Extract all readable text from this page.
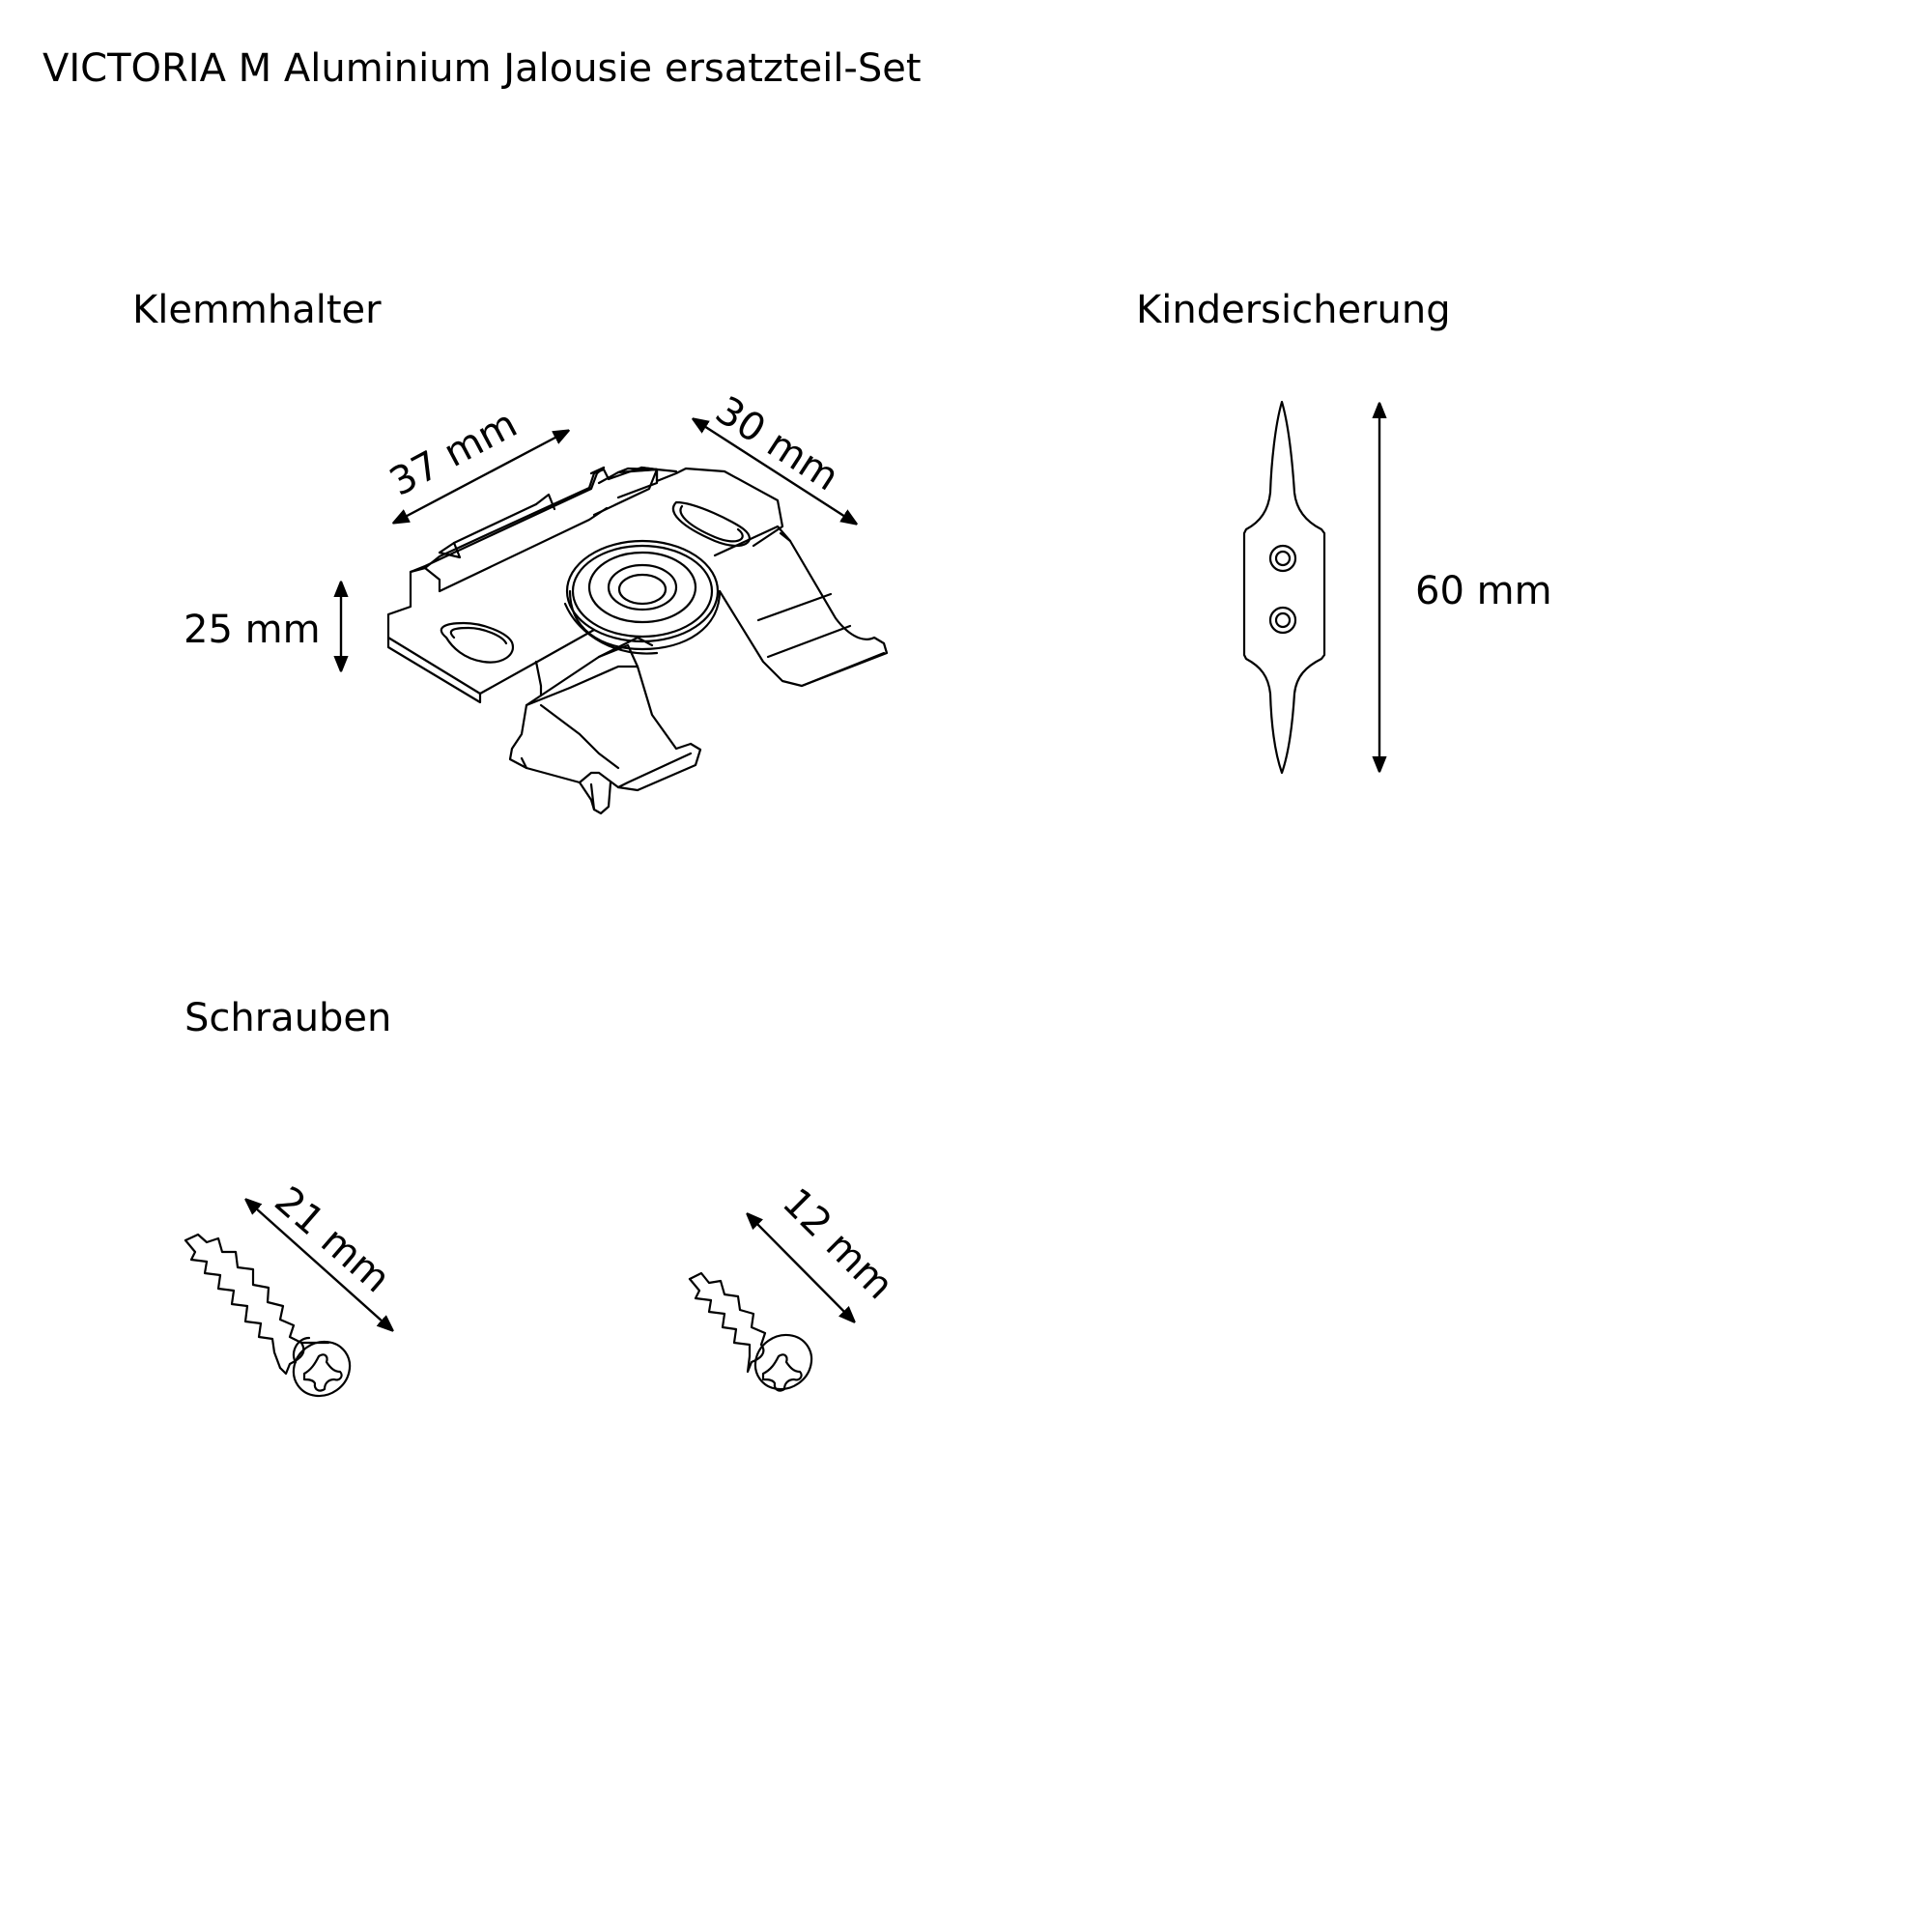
VICTORIA M Aluminium Jalousie ersatzteil-Set
Klemmhalter	Kindersicherung
Schrauben
37 mm	30 mm
25 mm
60 mm
21 mm	12 mm
